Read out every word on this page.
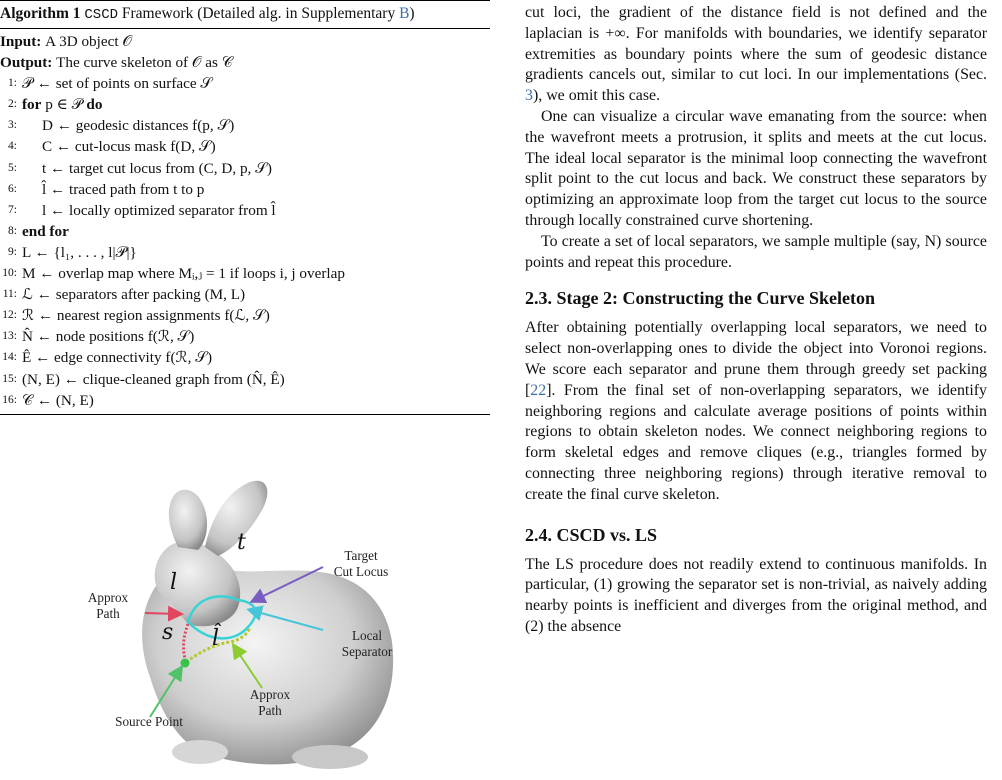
Algorithm 1 CSCD Framework (Detailed alg. in Supplementary B)
Input:
A 3D object 𝒪
Output:
The curve skeleton of 𝒪 as 𝒞
1: 𝒫 ← set of points on surface 𝒮
2: for p ∈ 𝒫 do
3:	D ← geodesic distances f(p, 𝒮)
4:	C ← cut-locus mask f(D, 𝒮)
5:	t ← target cut locus from (C, D, p, 𝒮)
6:	l̂ ← traced path from t to p
7:	l ← locally optimized separator from l̂
8: end for
9: L ← {l₁, . . . , l|𝒫|}
10: M ← overlap map where Mᵢ,ⱼ = 1 if loops i, j overlap
11: ℒ ← separators after packing (M, L)
12: ℛ ← nearest region assignments f(ℒ, 𝒮)
13: N̂ ← node positions f(ℛ, 𝒮)
14: Ê ← edge connectivity f(ℛ, 𝒮)
15: (N, E) ← clique-cleaned graph from (N̂, Ê)
16: 𝒞 ← (N, E)
t
l
s l̂
Approx
Path
Source Point
Approx
Path
Target
Cut Locus
Local
Separator

cut loci, the gradient of the distance field is not defined and the laplacian is +∞. For manifolds with boundaries, we identify separator extremities as boundary points where the sum of geodesic distance gradients cancels out, similar to cut loci. In our implementations (Sec. 3), we omit this case.

One can visualize a circular wave emanating from the source: when the wavefront meets a protrusion, it splits and meets at the cut locus. The ideal local separator is the minimal loop connecting the wavefront split point to the cut locus and back. We construct these separators by optimizing an approximate loop from the target cut locus to the source through locally constrained curve shortening.

To create a set of local separators, we sample multiple (say, N) source points and repeat this procedure.

2.3. Stage 2: Constructing the Curve Skeleton

After obtaining potentially overlapping local separators, we need to select non-overlapping ones to divide the object into Voronoi regions. We score each separator and prune them through greedy set packing [22]. From the final set of non-overlapping separators, we identify neighboring regions and calculate average positions of points within regions to obtain skeleton nodes. We connect neighboring regions to form skeletal edges and remove cliques (e.g., triangles formed by connecting three neighboring regions) through iterative removal to create the final curve skeleton.

2.4. CSCD vs. LS

The LS procedure does not readily extend to continuous manifolds. In particular, (1) growing the separator set is non-trivial, as naively adding nearby points is inefficient and diverges from the original method, and (2) the absence
